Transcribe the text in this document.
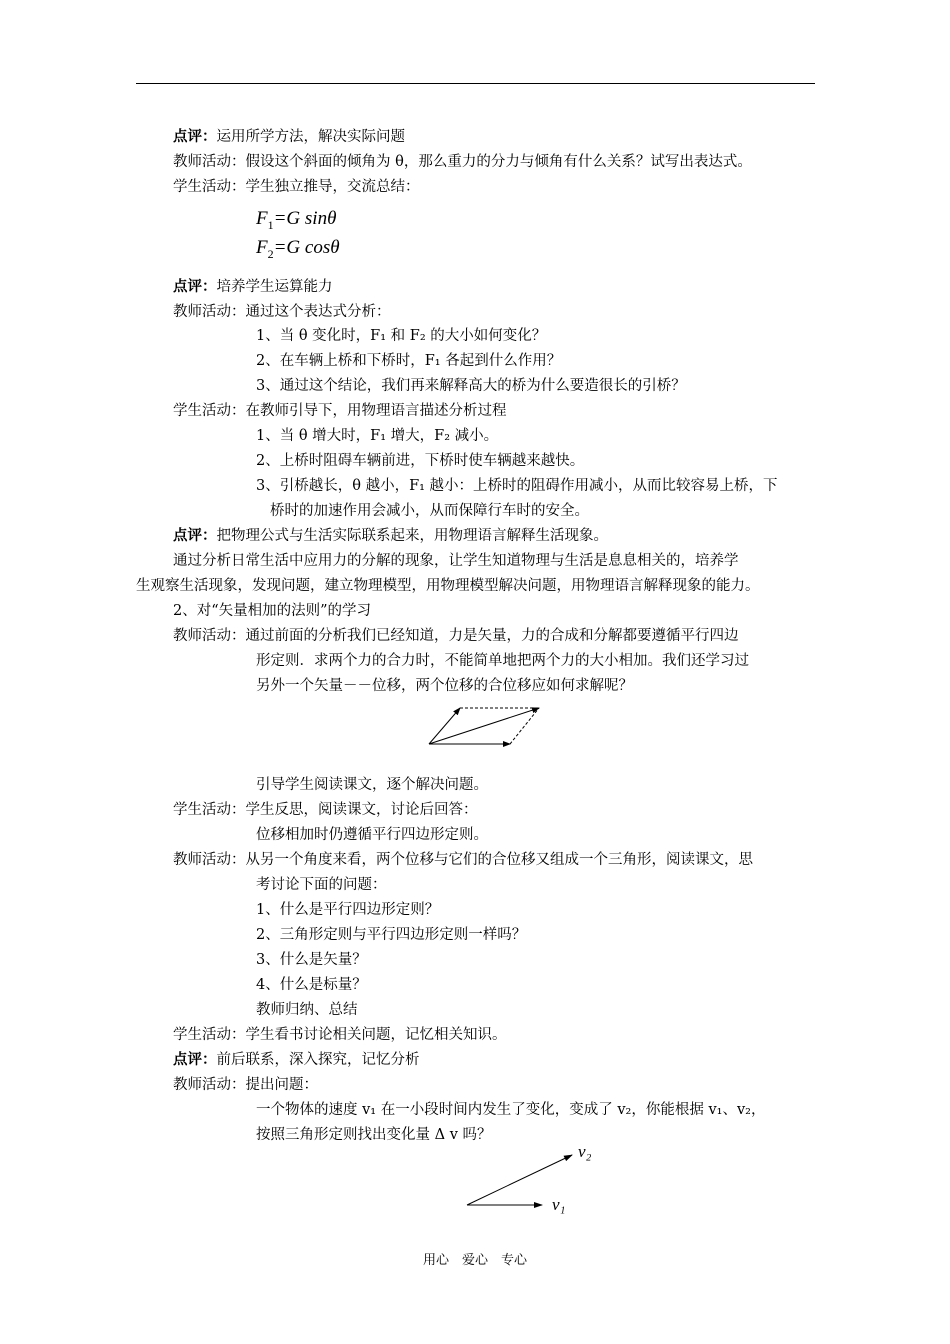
点评：运用所学方法，解决实际问题
教师活动：假设这个斜面的倾角为 θ，那么重力的分力与倾角有什么关系？试写出表达式。
学生活动：学生独立推导，交流总结：
$F_1=G$ sinθ
$F_2=G$ cosθ
点评：培养学生运算能力
教师活动：通过这个表达式分析：
1、当 θ 变化时，F₁ 和 F₂ 的大小如何变化？
2、在车辆上桥和下桥时，F₁ 各起到什么作用？
3、通过这个结论，我们再来解释高大的桥为什么要造很长的引桥？
学生活动：在教师引导下，用物理语言描述分析过程
1、当 θ 增大时，F₁ 增大，F₂ 减小。
2、上桥时阻碍车辆前进，下桥时使车辆越来越快。
3、引桥越长，θ 越小，F₁ 越小：上桥时的阻碍作用减小，从而比较容易上桥，下
桥时的加速作用会减小，从而保障行车时的安全。
点评：把物理公式与生活实际联系起来，用物理语言解释生活现象。
通过分析日常生活中应用力的分解的现象，让学生知道物理与生活是息息相关的，培养学
生观察生活现象，发现问题，建立物理模型，用物理模型解决问题，用物理语言解释现象的能力。
2、对“矢量相加的法则”的学习
教师活动：通过前面的分析我们已经知道，力是矢量，力的合成和分解都要遵循平行四边
形定则．求两个力的合力时，不能简单地把两个力的大小相加。我们还学习过
另外一个矢量－－位移，两个位移的合位移应如何求解呢？
引导学生阅读课文，逐个解决问题。
学生活动：学生反思，阅读课文，讨论后回答：
位移相加时仍遵循平行四边形定则。
教师活动：从另一个角度来看，两个位移与它们的合位移又组成一个三角形，阅读课文，思
考讨论下面的问题：
1、什么是平行四边形定则？
2、三角形定则与平行四边形定则一样吗？
3、什么是矢量？
4、什么是标量？
教师归纳、总结
学生活动：学生看书讨论相关问题，记忆相关知识。
点评：前后联系，深入探究，记忆分析
教师活动：提出问题：
一个物体的速度 v₁ 在一小段时间内发生了变化，变成了 v₂，你能根据 v₁、v₂，
按照三角形定则找出变化量 Δ v 吗？
v₂
v₁
用心　爱心　专心
